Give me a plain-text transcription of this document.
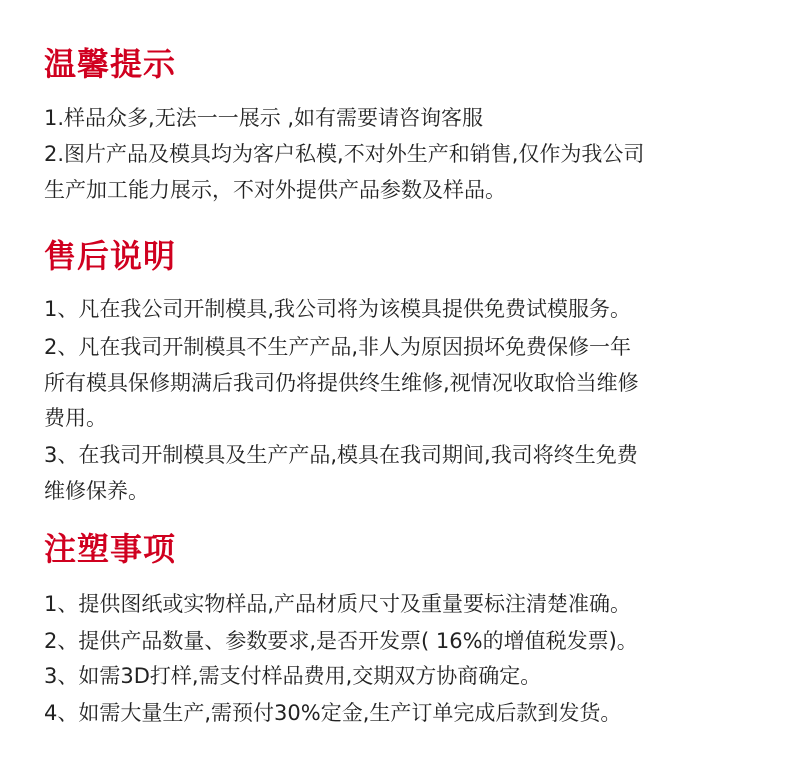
温馨提示

1.样品众多,无法一一展示 ,如有需要请咨询客服

2.图片产品及模具均为客户私模,不对外生产和销售,仅作为我公司

生产加工能力展示，不对外提供产品参数及样品。

售后说明

1、凡在我公司开制模具,我公司将为该模具提供免费试模服务。

2、凡在我司开制模具不生产产品,非人为原因损坏免费保修一年

所有模具保修期满后我司仍将提供终生维修,视情况收取恰当维修

费用。

3、在我司开制模具及生产产品,模具在我司期间,我司将终生免费

维修保养。

注塑事项

1、提供图纸或实物样品,产品材质尺寸及重量要标注清楚准确。

2、提供产品数量、参数要求,是否开发票( 16%的增值税发票)。

3、如需3D打样,需支付样品费用,交期双方协商确定。

4、如需大量生产,需预付30%定金,生产订单完成后款到发货。
